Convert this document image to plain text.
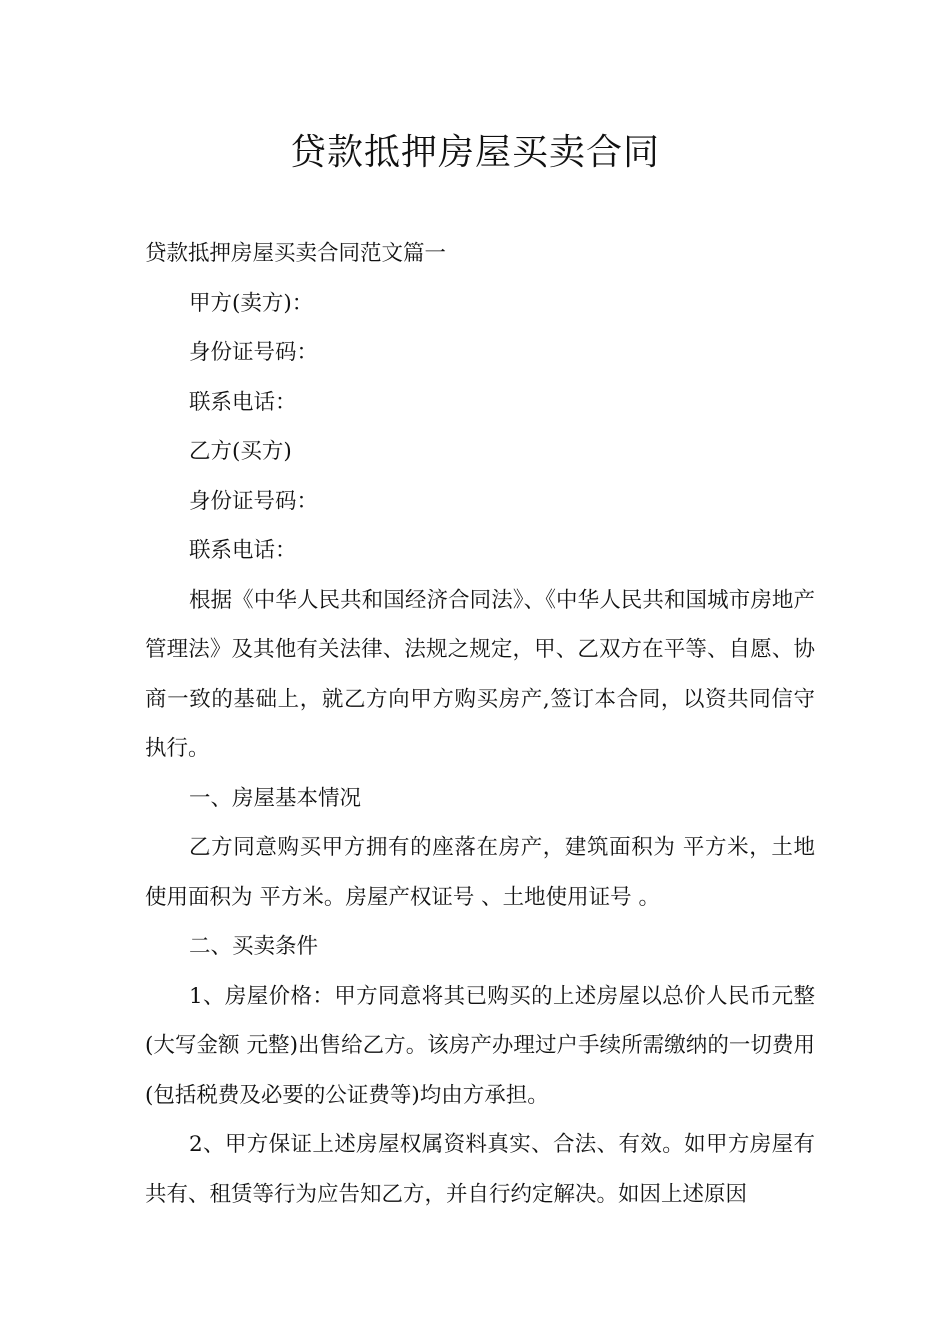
贷款抵押房屋买卖合同

贷款抵押房屋买卖合同范文篇一

甲方(卖方)：

身份证号码：

联系电话：

乙方(买方)

身份证号码：

联系电话：

根据《中华人民共和国经济合同法》、《中华人民共和国城市房地产管理法》及其他有关法律、法规之规定，甲、乙双方在平等、自愿、协商一致的基础上，就乙方向甲方购买房产,签订本合同，以资共同信守执行。

一、房屋基本情况

乙方同意购买甲方拥有的座落在房产，建筑面积为 平方米，土地使用面积为 平方米。房屋产权证号 、土地使用证号 。

二、买卖条件

1、房屋价格：甲方同意将其已购买的上述房屋以总价人民币元整(大写金额 元整)出售给乙方。该房产办理过户手续所需缴纳的一切费用(包括税费及必要的公证费等)均由方承担。

2、甲方保证上述房屋权属资料真实、合法、有效。如甲方房屋有共有、租赁等行为应告知乙方，并自行约定解决。如因上述原因
